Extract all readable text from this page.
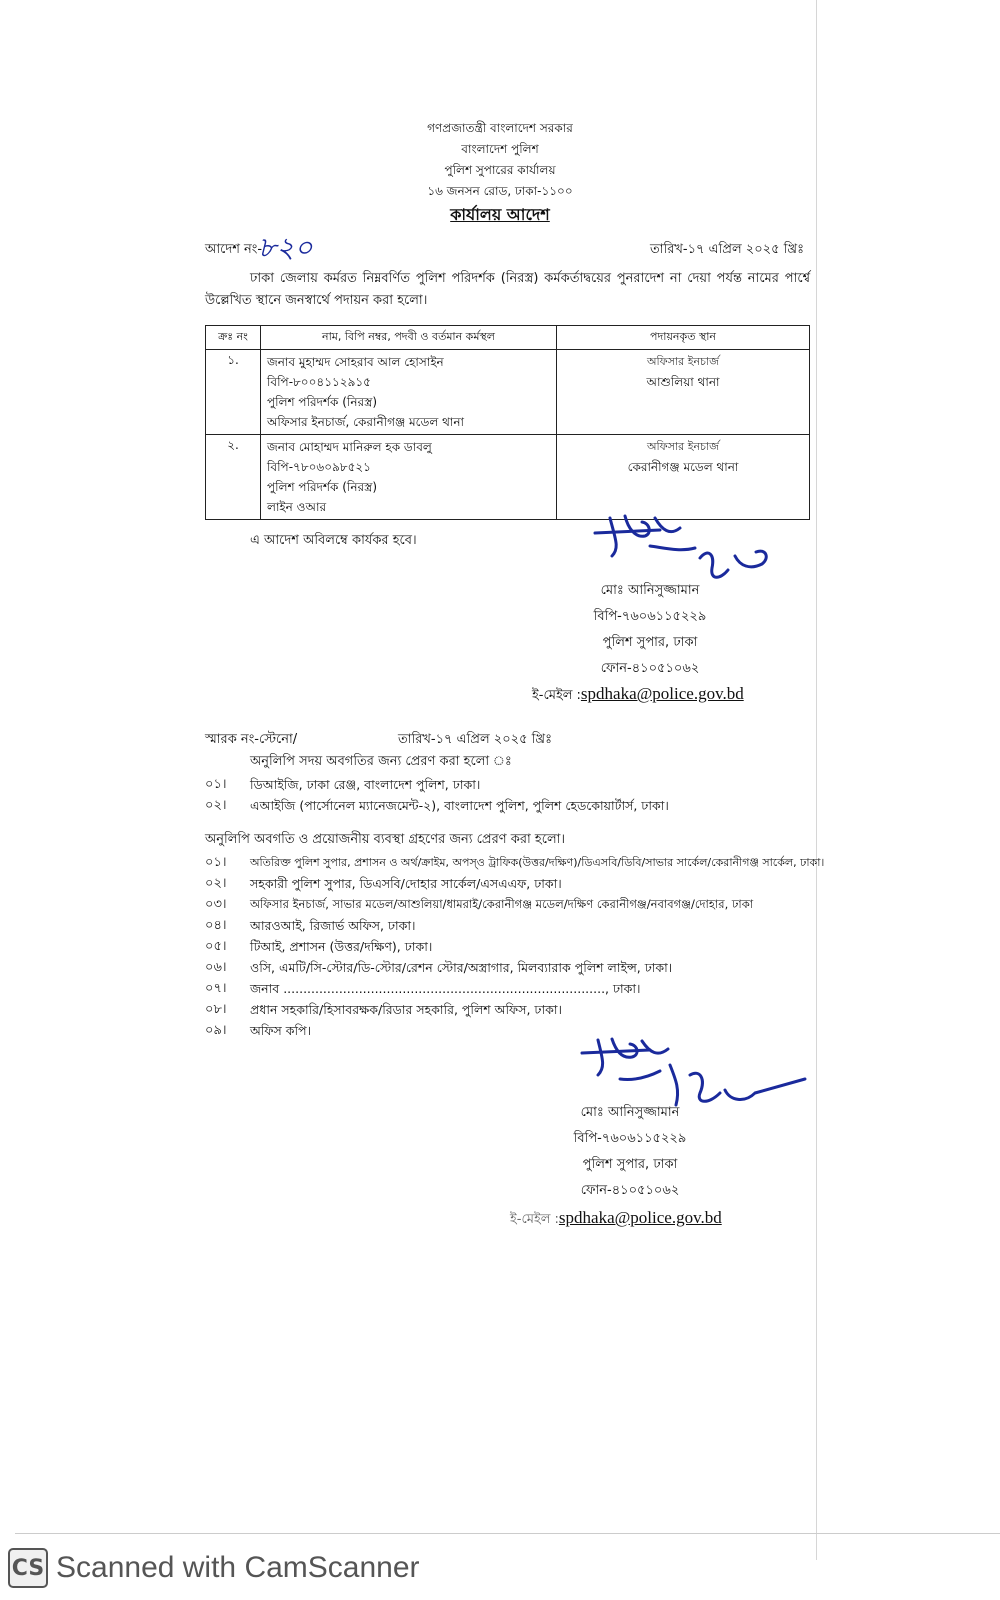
গণপ্রজাতন্ত্রী বাংলাদেশ সরকার
বাংলাদেশ পুলিশ
পুলিশ সুপারের কার্যালয়
১৬ জনসন রোড, ঢাকা-১১০০
কার্যালয় আদেশ
আদেশ নং-
৮২০	তারিখ-১৭ এপ্রিল ২০২৫ খ্রিঃ
ঢাকা জেলায় কর্মরত নিম্নবর্ণিত পুলিশ পরিদর্শক (নিরস্ত্র) কর্মকর্তাদ্বয়ের পুনরাদেশ না দেয়া পর্যন্ত নামের পার্শ্বে উল্লেখিত স্থানে জনস্বার্থে পদায়ন করা হলো।
ক্রঃ নং	নাম, বিপি নম্বর, পদবী ও বর্তমান কর্মস্থল	পদায়নকৃত স্থান
১.	জনাব মুহাম্মদ সোহরাব আল হোসাইন
বিপি-৮০০৪১১২৯১৫
পুলিশ পরিদর্শক (নিরস্ত্র)
অফিসার ইনচার্জ, কেরানীগঞ্জ মডেল থানা	অফিসার ইনচার্জ
আশুলিয়া থানা

২.	জনাব মোহাম্মদ মানিরুল হক ডাবলু
বিপি-৭৮০৬০৯৮৫২১
পুলিশ পরিদর্শক (নিরস্ত্র)
লাইন ওআর	অফিসার ইনচার্জ
কেরানীগঞ্জ মডেল থানা
এ আদেশ অবিলম্বে কার্যকর হবে।
মোঃ আনিসুজ্জামান
বিপি-৭৬০৬১১৫২২৯
পুলিশ সুপার, ঢাকা
ফোন-৪১০৫১০৬২
ই-মেইল :spdhaka@police.gov.bd
স্মারক নং-স্টেনো/	তারিখ-১৭ এপ্রিল ২০২৫ খ্রিঃ
অনুলিপি সদয় অবগতির জন্য প্রেরণ করা হলো ঃ
০১।	ডিআইজি, ঢাকা রেঞ্জ, বাংলাদেশ পুলিশ, ঢাকা।
০২।	এআইজি (পার্সোনেল ম্যানেজমেন্ট-২), বাংলাদেশ পুলিশ, পুলিশ হেডকোয়ার্টার্স, ঢাকা।
অনুলিপি অবগতি ও প্রয়োজনীয় ব্যবস্থা গ্রহণের জন্য প্রেরণ করা হলো।
০১।	অতিরিক্ত পুলিশ সুপার, প্রশাসন ও অর্থ/ক্রাইম, অপস্‌ও ট্রাফিক(উত্তর/দক্ষিণ)/ডিএসবি/ডিবি/সাভার সার্কেল/কেরানীগঞ্জ সার্কেল, ঢাকা।
০২।	সহকারী পুলিশ সুপার, ডিএসবি/দোহার সার্কেল/এসএএফ, ঢাকা।
০৩।	অফিসার ইনচার্জ, সাভার মডেল/আশুলিয়া/ধামরাই/কেরানীগঞ্জ মডেল/দক্ষিণ কেরানীগঞ্জ/নবাবগঞ্জ/দোহার, ঢাকা
০৪।	আরওআই, রিজার্ভ অফিস, ঢাকা।
০৫।	টিআই, প্রশাসন (উত্তর/দক্ষিণ), ঢাকা।
০৬।	ওসি, এমটি/সি-স্টোর/ডি-স্টোর/রেশন স্টোর/অস্ত্রাগার, মিলব্যারাক পুলিশ লাইন্স, ঢাকা।
০৭।	জনাব ................................................................................., ঢাকা।
০৮।	প্রধান সহকারি/হিসাবরক্ষক/রিডার সহকারি, পুলিশ অফিস, ঢাকা।
০৯।	অফিস কপি।
মোঃ আনিসুজ্জামান
বিপি-৭৬০৬১১৫২২৯
পুলিশ সুপার, ঢাকা
ফোন-৪১০৫১০৬২
ই-মেইল :spdhaka@police.gov.bd
CS Scanned with CamScanner
